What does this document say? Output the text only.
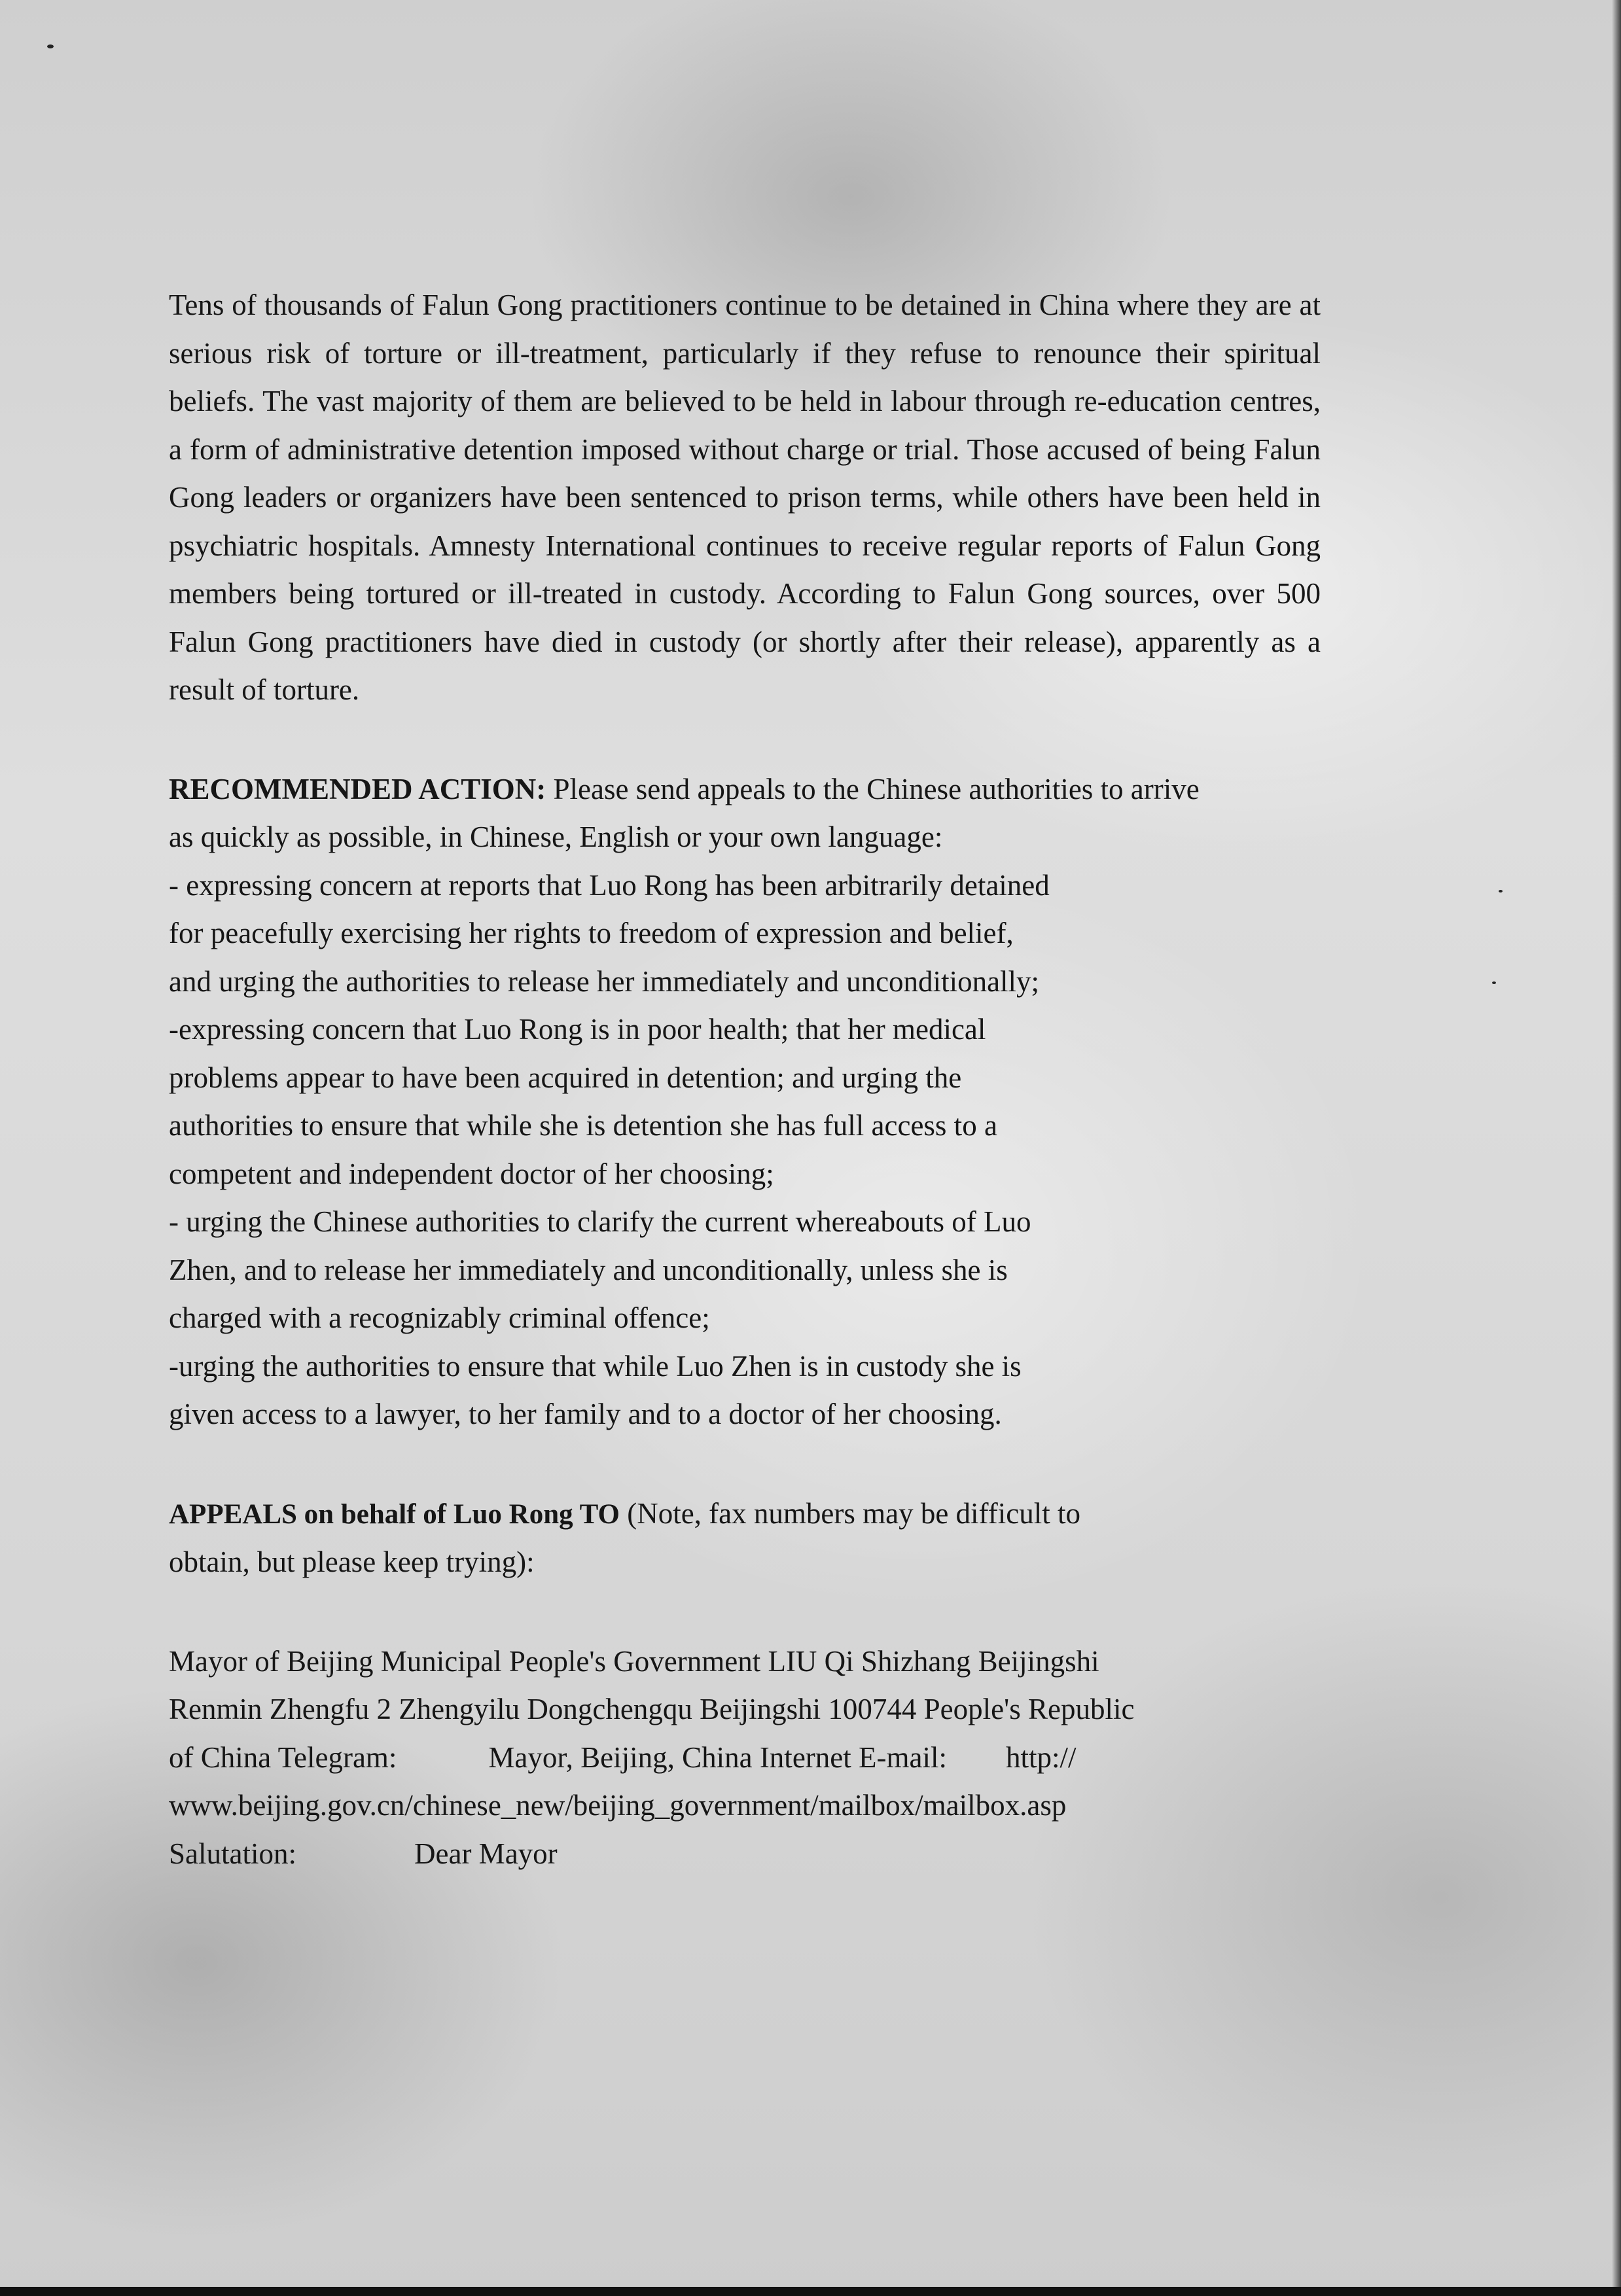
Tens of thousands of Falun Gong practitioners continue to be detained in China where they are at serious risk of torture or ill-treatment, particularly if they refuse to renounce their spiritual beliefs. The vast majority of them are believed to be held in labour through re-education centres, a form of administrative detention imposed without charge or trial. Those accused of being Falun Gong leaders or organizers have been sentenced to prison terms, while others have been held in psychiatric hospitals. Amnesty International continues to receive regular reports of Falun Gong members being tortured or ill-treated in custody. According to Falun Gong sources, over 500 Falun Gong practitioners have died in custody (or shortly after their release), apparently as a result of torture.

RECOMMENDED ACTION: Please send appeals to the Chinese authorities to arrive
as quickly as possible, in Chinese, English or your own language:
- expressing concern at reports that Luo Rong has been arbitrarily detained
for peacefully exercising her rights to freedom of expression and belief,
and urging the authorities to release her immediately and unconditionally;
-expressing concern that Luo Rong is in poor health; that her medical
problems appear to have been acquired in detention; and urging the
authorities to ensure that while she is detention she has full access to a
competent and independent doctor of her choosing;
- urging the Chinese authorities to clarify the current whereabouts of Luo
Zhen, and to release her immediately and unconditionally, unless she is
charged with a recognizably criminal offence;
-urging the authorities to ensure that while Luo Zhen is in custody she is
given access to a lawyer, to her family and to a doctor of her choosing.
APPEALS on behalf of Luo Rong TO (Note, fax numbers may be difficult to
obtain, but please keep trying):
Mayor of Beijing Municipal People's Government LIU Qi Shizhang Beijingshi
Renmin Zhengfu 2 Zhengyilu Dongchengqu Beijingshi 100744 People's Republic
of China Telegram:	Mayor, Beijing, China Internet E-mail: http://
www.beijing.gov.cn/chinese_new/beijing_government/mailbox/mailbox.asp
Salutation:	Dear Mayor
